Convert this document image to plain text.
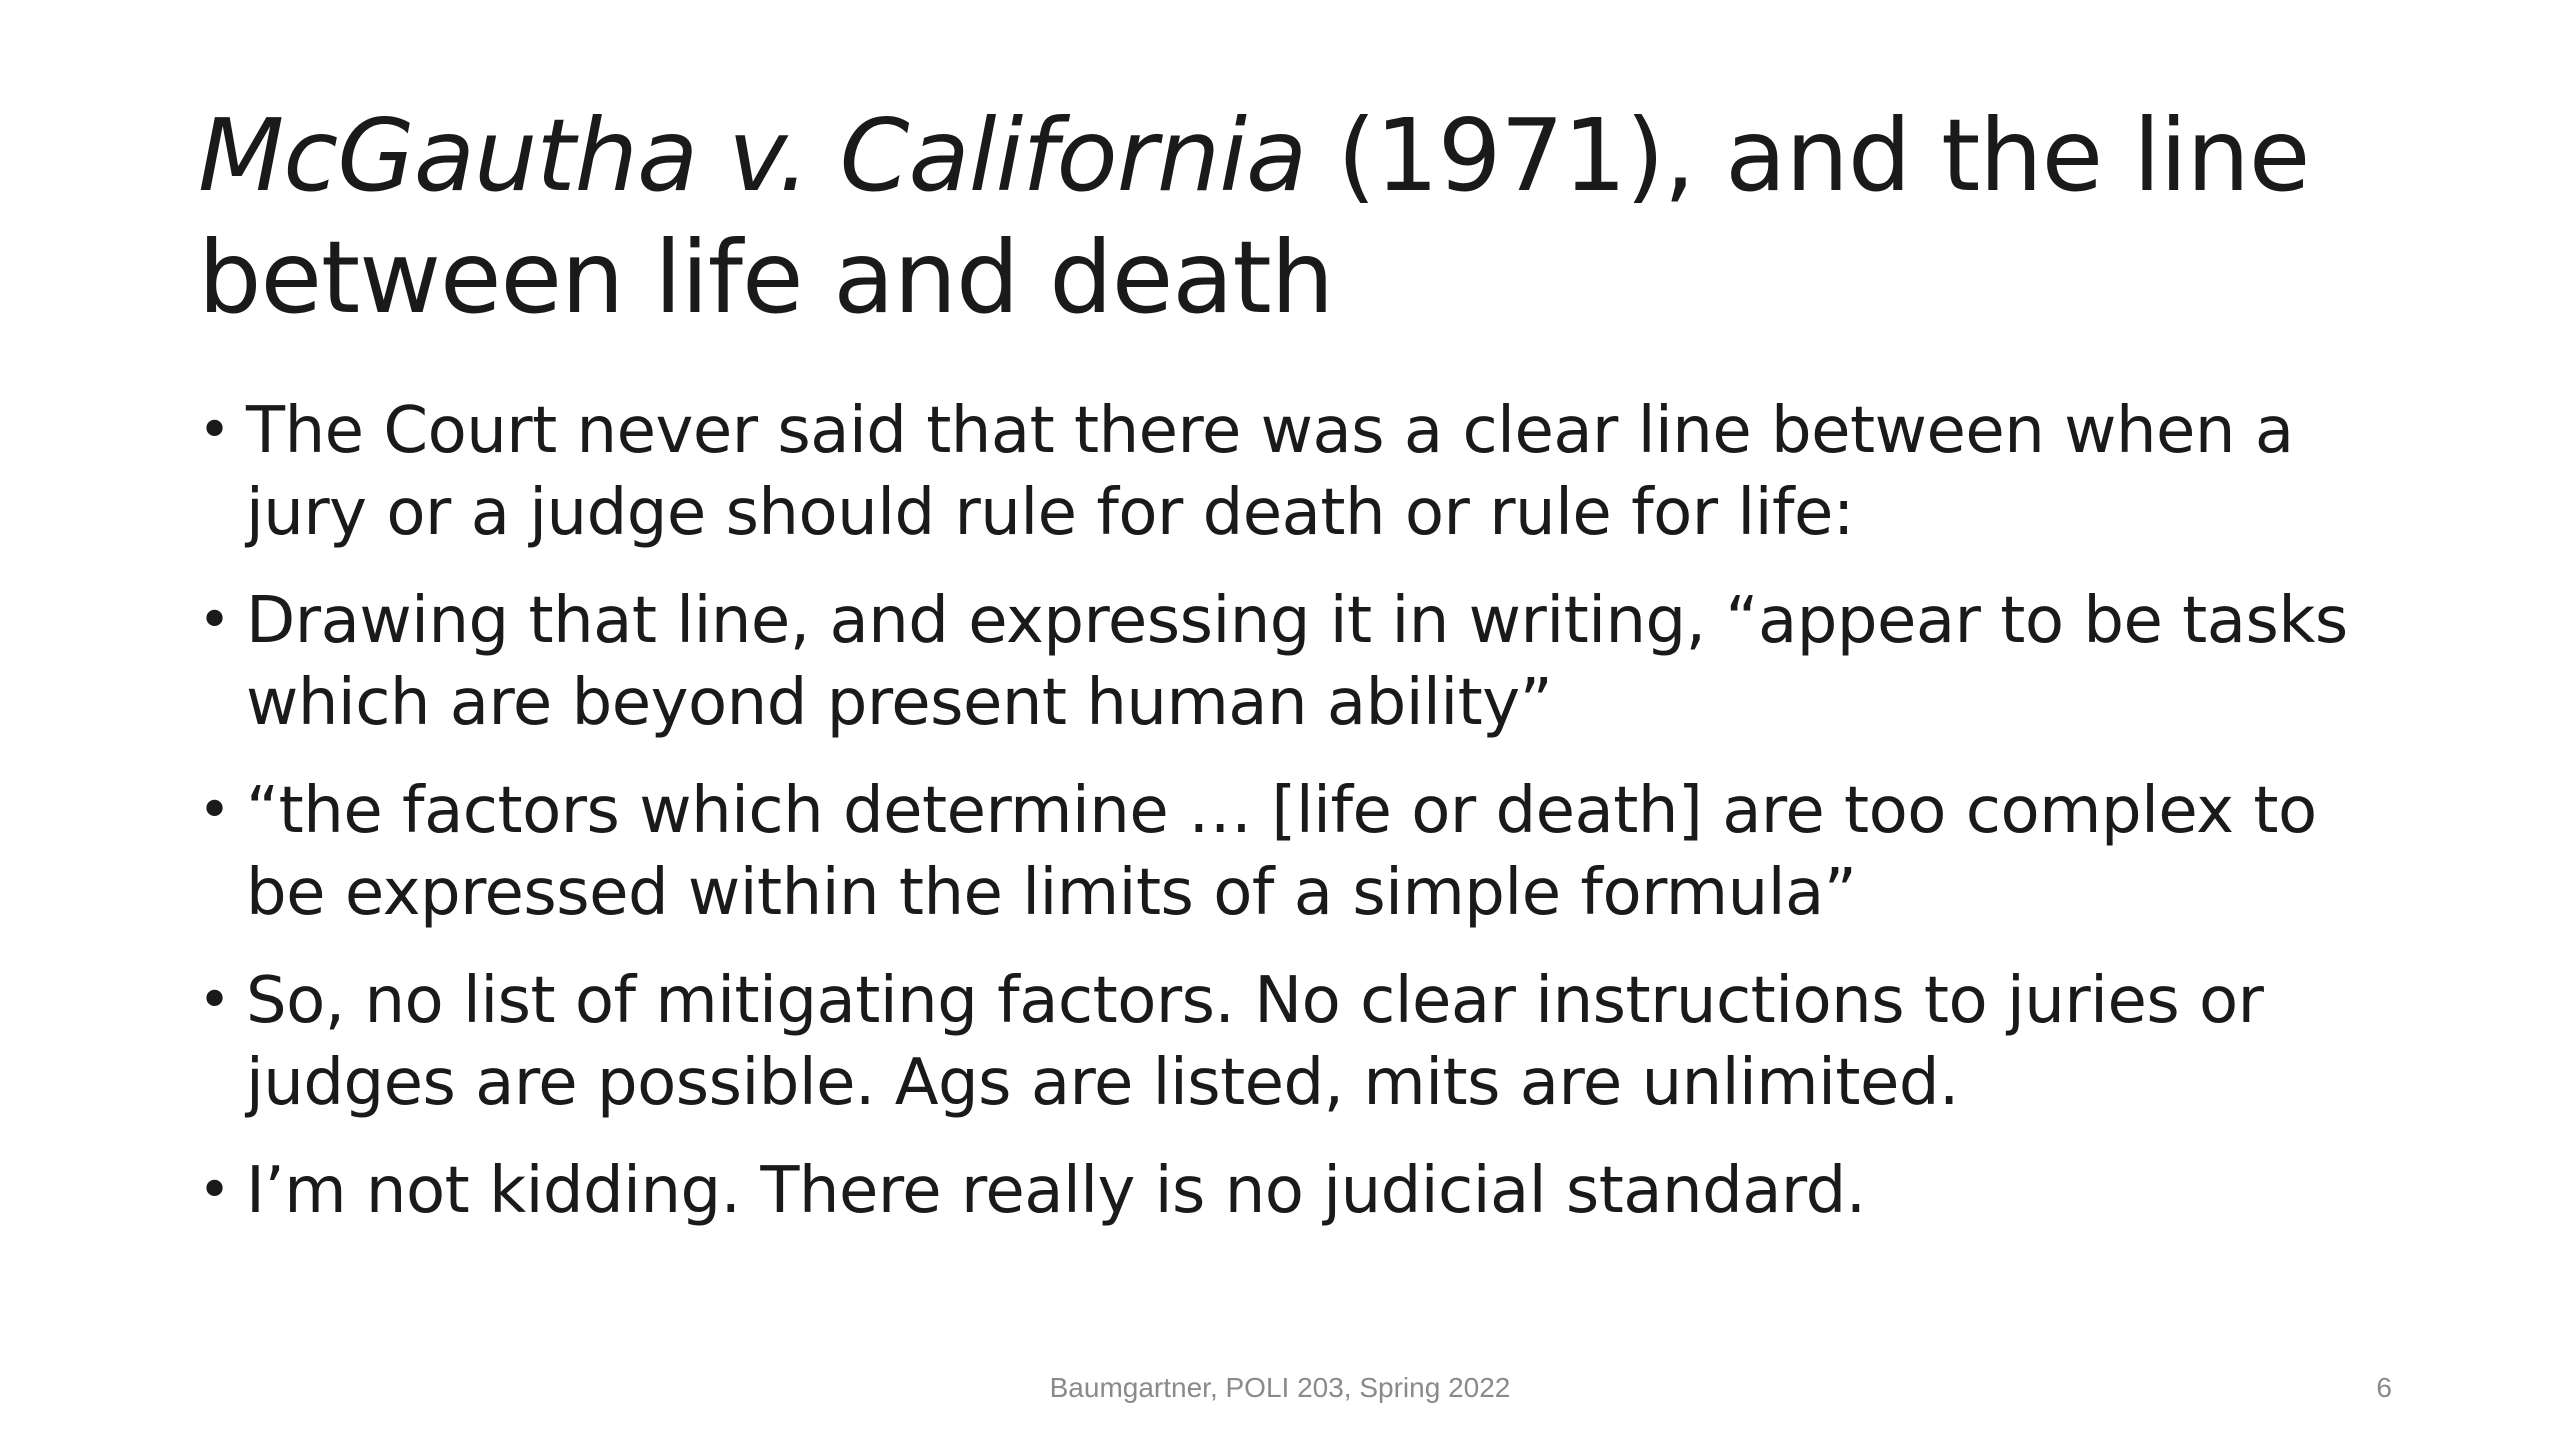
McGautha v. California (1971), and the line between life and death
• The Court never said that there was a clear line between when a jury or a judge should rule for death or rule for life:
• Drawing that line, and expressing it in writing, “appear to be tasks which are beyond present human ability”
• “the factors which determine … [life or death] are too complex to be expressed within the limits of a simple formula”
• So, no list of mitigating factors. No clear instructions to juries or judges are possible. Ags are listed, mits are unlimited.
• I’m not kidding. There really is no judicial standard.
Baumgartner, POLI 203, Spring 2022	6
